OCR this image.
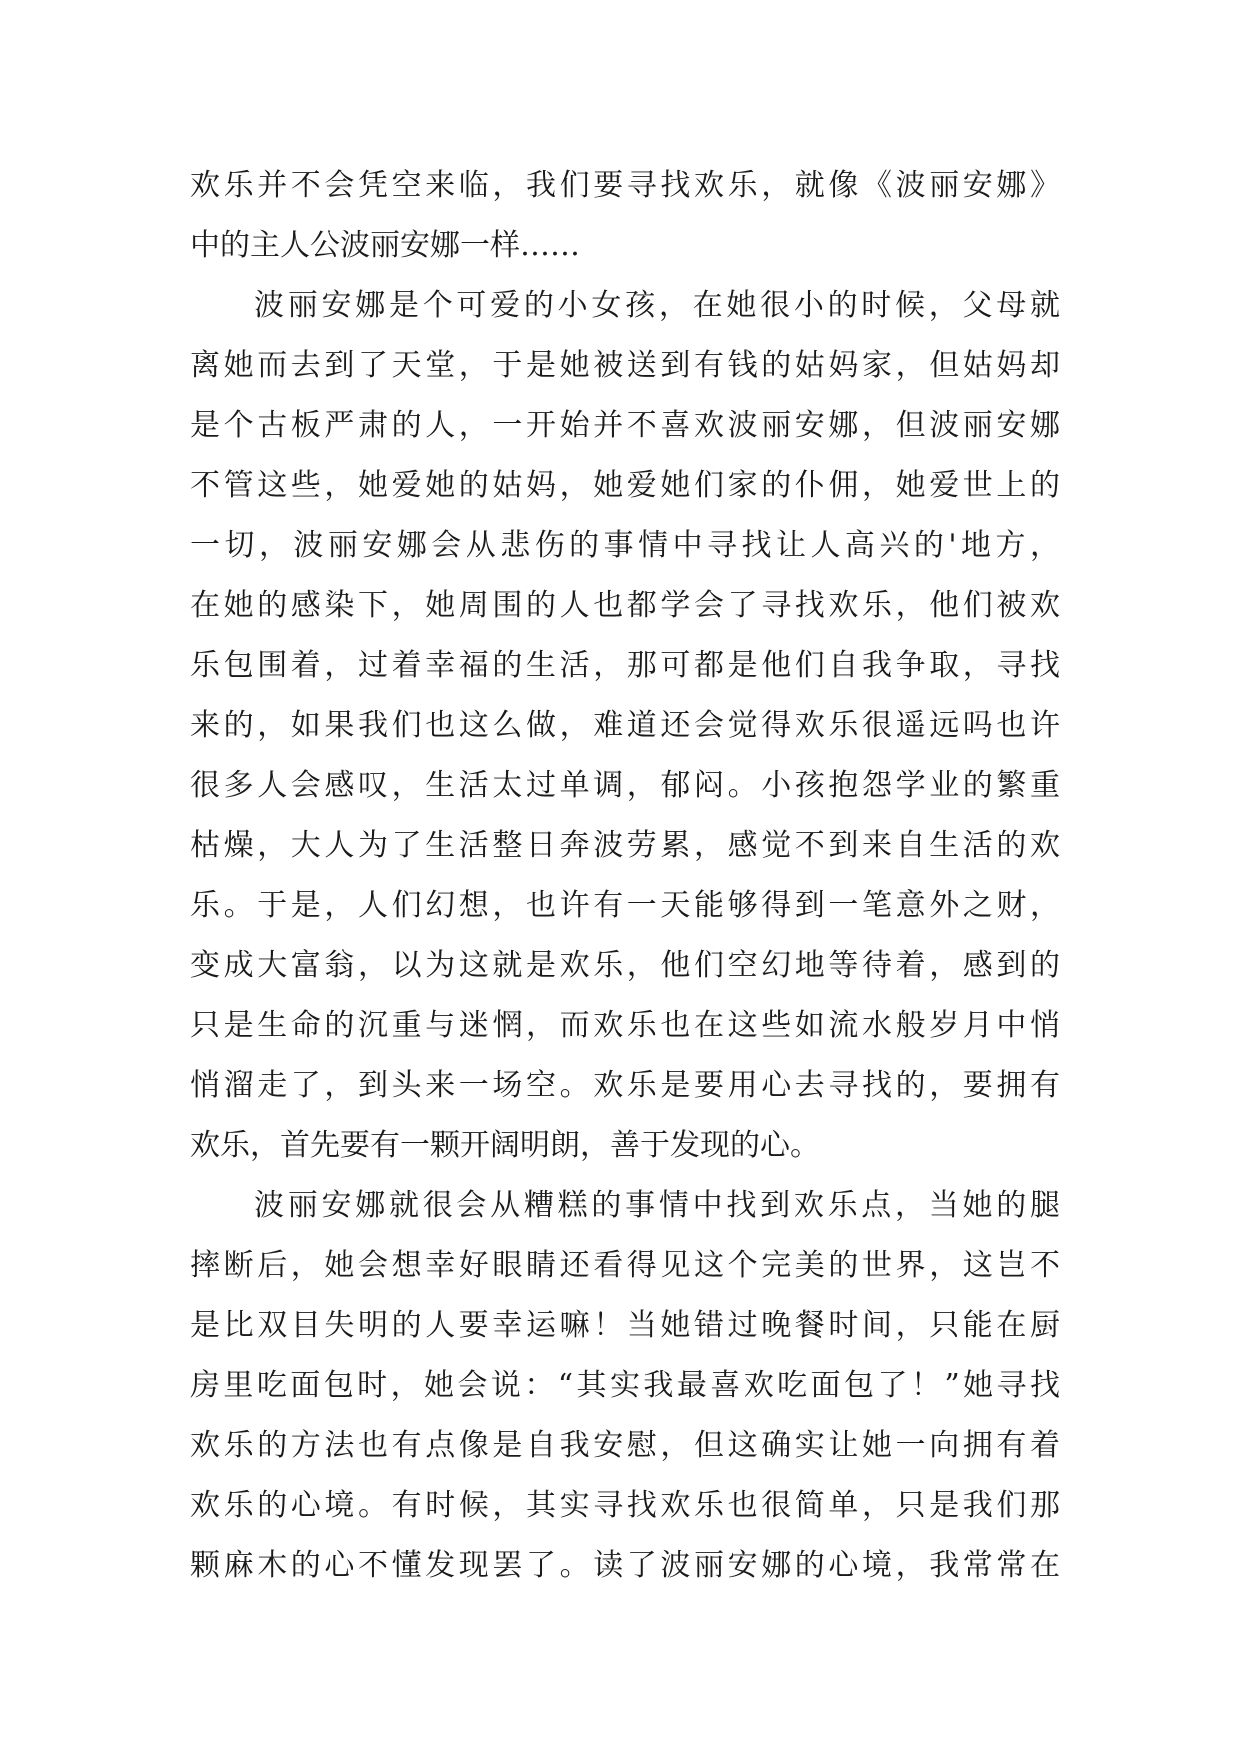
欢乐并不会凭空来临，我们要寻找欢乐，就像《波丽安娜》
中的主人公波丽安娜一样……
波丽安娜是个可爱的小女孩，在她很小的时候，父母就
离她而去到了天堂，于是她被送到有钱的姑妈家，但姑妈却
是个古板严肃的人，一开始并不喜欢波丽安娜，但波丽安娜
不管这些，她爱她的姑妈，她爱她们家的仆佣，她爱世上的
一切，波丽安娜会从悲伤的事情中寻找让人高兴的'地方，
在她的感染下，她周围的人也都学会了寻找欢乐，他们被欢
乐包围着，过着幸福的生活，那可都是他们自我争取，寻找
来的，如果我们也这么做，难道还会觉得欢乐很遥远吗也许
很多人会感叹，生活太过单调，郁闷。小孩抱怨学业的繁重
枯燥，大人为了生活整日奔波劳累，感觉不到来自生活的欢
乐。于是，人们幻想，也许有一天能够得到一笔意外之财，
变成大富翁，以为这就是欢乐，他们空幻地等待着，感到的
只是生命的沉重与迷惘，而欢乐也在这些如流水般岁月中悄
悄溜走了，到头来一场空。欢乐是要用心去寻找的，要拥有
欢乐，首先要有一颗开阔明朗，善于发现的心。
波丽安娜就很会从糟糕的事情中找到欢乐点，当她的腿
摔断后，她会想幸好眼睛还看得见这个完美的世界，这岂不
是比双目失明的人要幸运嘛！当她错过晚餐时间，只能在厨
房里吃面包时，她会说：“其实我最喜欢吃面包了！”她寻找
欢乐的方法也有点像是自我安慰，但这确实让她一向拥有着
欢乐的心境。有时候，其实寻找欢乐也很简单，只是我们那
颗麻木的心不懂发现罢了。读了波丽安娜的心境，我常常在
